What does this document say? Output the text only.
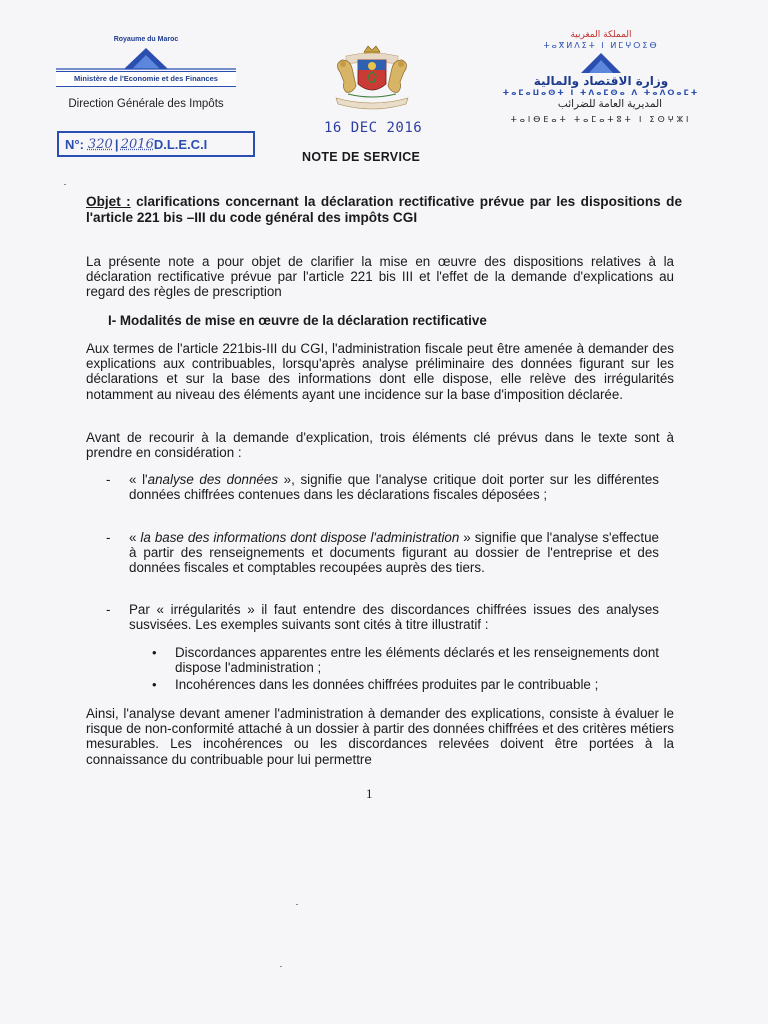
Royaume du Maroc
Ministère de l'Economie et des Finances
Direction Générale des Impôts
N°: 320 | 2016 D.L.E.C.I
16 DEC 2016
المملكة المغربية
ⵜⴰⴳⵍⴷⵉⵜ ⵏ ⵍⵎⵖⵔⵉⴱ
وزارة الاقتصاد والمالية
ⵜⴰⵎⴰⵡⴰⵙⵜ ⵏ ⵜⴷⴰⵎⵙⴰ ⴷ ⵜⴰⴷⵔⴰⵎⵜ
المديرية العامة للضرائب
ⵜⴰⵏⴱⴹⴰⵜ ⵜⴰⵎⴰⵜⵓⵜ ⵏ ⵉⵙⵖⵣⵏ
NOTE DE SERVICE
Objet : clarifications concernant la déclaration rectificative prévue par les dispositions de l'article 221 bis –III du code général des impôts CGI
La présente note a pour objet de clarifier la mise en œuvre des dispositions relatives à la déclaration rectificative prévue par l'article 221 bis III et l'effet de la demande d'explications au regard des règles de prescription
I- Modalités de mise en œuvre de la déclaration rectificative
Aux termes de l'article 221bis-III du CGI, l'administration fiscale peut être amenée à demander des explications aux contribuables, lorsqu'après analyse préliminaire des données figurant sur les déclarations et sur la base des informations dont elle dispose, elle relève des irrégularités notamment au niveau des éléments ayant une incidence sur la base d'imposition déclarée.
Avant de recourir à la demande d'explication, trois éléments clé prévus dans le texte sont à prendre en considération :
- « l'analyse des données », signifie que l'analyse critique doit porter sur les différentes données chiffrées contenues dans les déclarations fiscales déposées ;
- « la base des informations dont dispose l'administration » signifie que l'analyse s'effectue à partir des renseignements et documents figurant au dossier de l'entreprise et des données fiscales et comptables recoupées auprès des tiers.
- Par « irrégularités » il faut entendre des discordances chiffrées issues des analyses susvisées. Les exemples suivants sont cités à titre illustratif :
• Discordances apparentes entre les éléments déclarés et les renseignements dont dispose l'administration ;
• Incohérences dans les données chiffrées produites par le contribuable ;
Ainsi, l'analyse devant amener l'administration à demander des explications, consiste à évaluer le risque de non-conformité attaché à un dossier à partir des données chiffrées et des critères métiers mesurables. Les incohérences ou les discordances relevées doivent être portées à la connaissance du contribuable pour lui permettre
1
